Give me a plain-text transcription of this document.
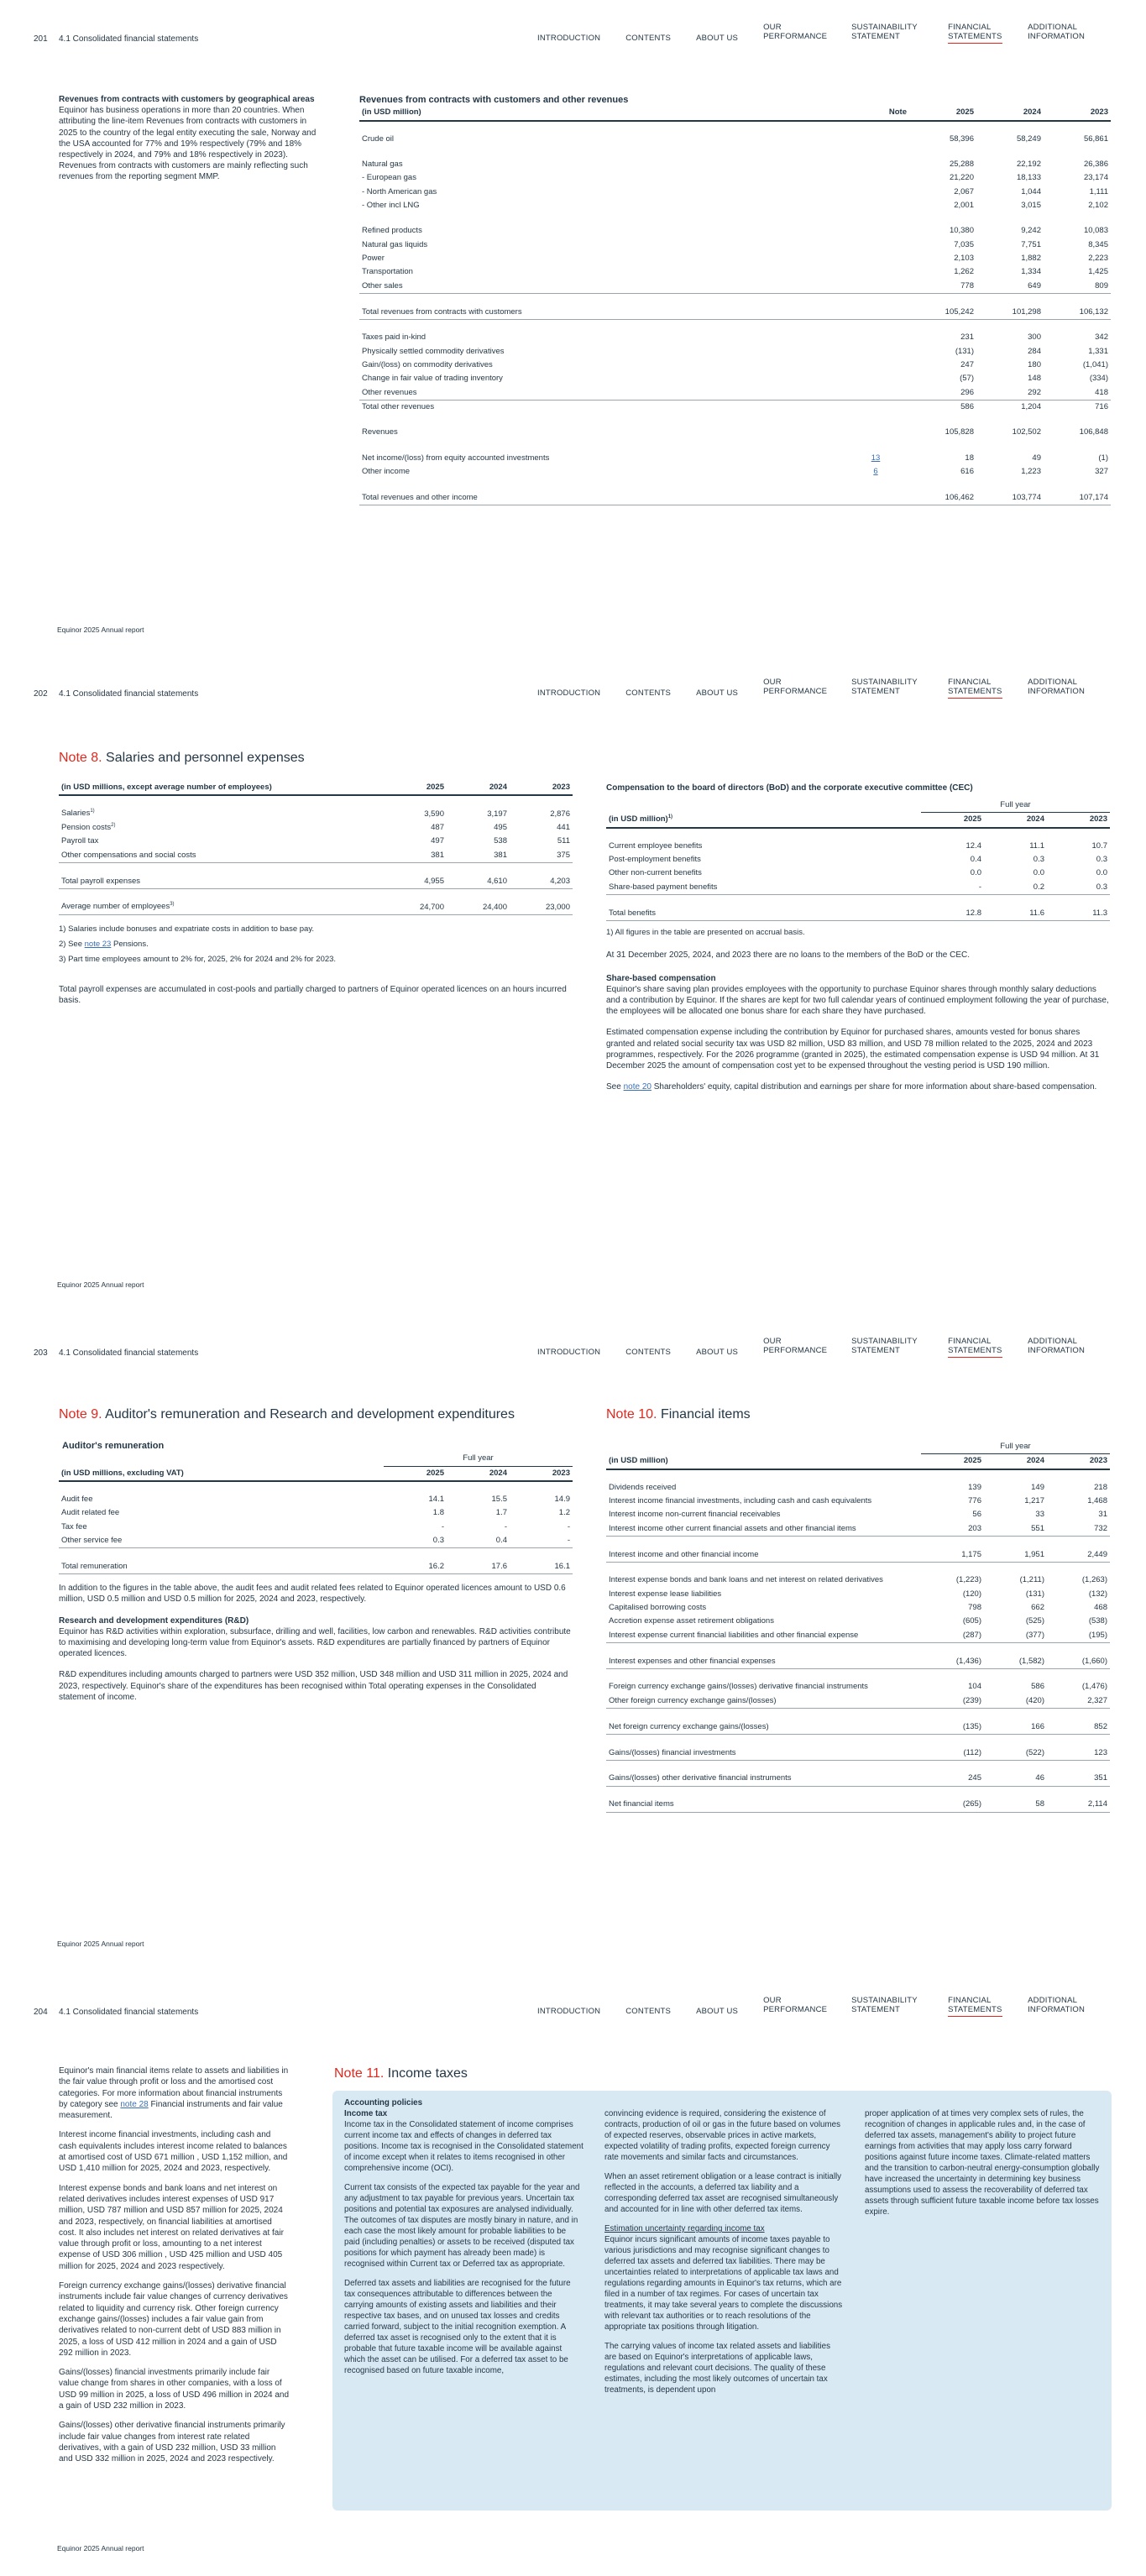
201 4.1 Consolidated financial statements	INTRODUCTION	CONTENTS	ABOUT US
OUR PERFORMANCE
SUSTAINABILITY STATEMENT
FINANCIAL STATEMENTS
ADDITIONAL INFORMATION
Revenues from contracts with customers by geographical areas
Equinor has business operations in more than 20 countries. When attributing the line-item Revenues from contracts with customers in 2025 to the country of the legal entity executing the sale, Norway and the USA accounted for 77% and 19% respectively (79% and 18% respectively in 2024, and 79% and 18% respectively in 2023). Revenues from contracts with customers are mainly reflecting such revenues from the reporting segment MMP.
Revenues from contracts with customers and other revenues
(in USD million)	Note	2025	2024	2023

Crude oil		58,396	58,249	56,861

Natural gas		25,288	22,192	26,386
- European gas		21,220	18,133	23,174
- North American gas		2,067	1,044	1,111
- Other incl LNG		2,001	3,015	2,102

Refined products		10,380	9,242	10,083
Natural gas liquids		7,035	7,751	8,345
Power		2,103	1,882	2,223
Transportation		1,262	1,334	1,425
Other sales		778	649	809

Total revenues from contracts with customers		105,242	101,298	106,132

Taxes paid in-kind		231	300	342
Physically settled commodity derivatives		(131)	284	1,331
Gain/(loss) on commodity derivatives		247	180	(1,041)
Change in fair value of trading inventory		(57)	148	(334)
Other revenues		296	292	418
Total other revenues		586	1,204	716

Revenues		105,828	102,502	106,848

Net income/(loss) from equity accounted investments	13	18	49	(1)
Other income	6	616	1,223	327

Total revenues and other income		106,462	103,774	107,174
Equinor 2025 Annual report
202 4.1 Consolidated financial statements	INTRODUCTION	CONTENTS	ABOUT US
OUR PERFORMANCE
SUSTAINABILITY STATEMENT
FINANCIAL STATEMENTS
ADDITIONAL INFORMATION
Note 8. Salaries and personnel expenses
(in USD millions, except average number of employees)	2025	2024	2023

Salaries$^{1)}$	3,590	3,197	2,876
Pension costs$^{2)}$	487	495	441
Payroll tax	497	538	511
Other compensations and social costs	381	381	375

Total payroll expenses	4,955	4,610	4,203

Average number of employees$^{3)}$	24,700	24,400	23,000
1) Salaries include bonuses and expatriate costs in addition to base pay.
2) See note 23 Pensions.
3) Part time employees amount to 2% for, 2025, 2% for 2024 and 2% for 2023.
Total payroll expenses are accumulated in cost-pools and partially charged to partners of Equinor operated licences on an hours incurred basis.
Compensation to the board of directors (BoD) and the corporate executive committee (CEC)
	Full year		
(in USD million)$^{1)}$	2025	2024	2023

Current employee benefits	12.4	11.1	10.7
Post-employment benefits	0.4	0.3	0.3
Other non-current benefits	0.0	0.0	0.0
Share-based payment benefits	-	0.2	0.3

Total benefits	12.8	11.6	11.3
1) All figures in the table are presented on accrual basis.
At 31 December 2025, 2024, and 2023 there are no loans to the members of the BoD or the CEC.
Share-based compensation
Equinor's share saving plan provides employees with the opportunity to purchase Equinor shares through monthly salary deductions and a contribution by Equinor. If the shares are kept for two full calendar years of continued employment following the year of purchase, the employees will be allocated one bonus share for each share they have purchased.
Estimated compensation expense including the contribution by Equinor for purchased shares, amounts vested for bonus shares granted and related social security tax was USD 82 million, USD 83 million, and USD 78 million related to the 2025, 2024 and 2023 programmes, respectively. For the 2026 programme (granted in 2025), the estimated compensation expense is USD 94 million. At 31 December 2025 the amount of compensation cost yet to be expensed throughout the vesting period is USD 190 million.
See note 20 Shareholders' equity, capital distribution and earnings per share for more information about share-based compensation.
Equinor 2025 Annual report
203 4.1 Consolidated financial statements	INTRODUCTION	CONTENTS	ABOUT US
OUR PERFORMANCE
SUSTAINABILITY STATEMENT
FINANCIAL STATEMENTS
ADDITIONAL INFORMATION
Note 9. Auditor's remuneration and Research and development expenditures
Auditor's remuneration
	Full year		
(in USD millions, excluding VAT)	2025	2024	2023

Audit fee	14.1	15.5	14.9
Audit related fee	1.8	1.7	1.2
Tax fee	-	-	-
Other service fee	0.3	0.4	-

Total remuneration	16.2	17.6	16.1
In addition to the figures in the table above, the audit fees and audit related fees related to Equinor operated licences amount to USD 0.6 million, USD 0.5 million and USD 0.5 million for 2025, 2024 and 2023, respectively.
Research and development expenditures (R&D)
Equinor has R&D activities within exploration, subsurface, drilling and well, facilities, low carbon and renewables. R&D activities contribute to maximising and developing long-term value from Equinor's assets. R&D expenditures are partially financed by partners of Equinor operated licences.
R&D expenditures including amounts charged to partners were USD 352 million, USD 348 million and USD 311 million in 2025, 2024 and 2023, respectively. Equinor's share of the expenditures has been recognised within Total operating expenses in the Consolidated statement of income.
Note 10. Financial items
	Full year		
(in USD million)	2025	2024	2023

Dividends received	139	149	218
Interest income financial investments, including cash and cash equivalents	776	1,217	1,468
Interest income non-current financial receivables	56	33	31
Interest income other current financial assets and other financial items	203	551	732

Interest income and other financial income	1,175	1,951	2,449

Interest expense bonds and bank loans and net interest on related derivatives	(1,223)	(1,211)	(1,263)
Interest expense lease liabilities	(120)	(131)	(132)
Capitalised borrowing costs	798	662	468
Accretion expense asset retirement obligations	(605)	(525)	(538)
Interest expense current financial liabilities and other financial expense	(287)	(377)	(195)

Interest expenses and other financial expenses	(1,436)	(1,582)	(1,660)

Foreign currency exchange gains/(losses) derivative financial instruments	104	586	(1,476)
Other foreign currency exchange gains/(losses)	(239)	(420)	2,327

Net foreign currency exchange gains/(losses)	(135)	166	852

Gains/(losses) financial investments	(112)	(522)	123

Gains/(losses) other derivative financial instruments	245	46	351

Net financial items	(265)	58	2,114
Equinor 2025 Annual report
204 4.1 Consolidated financial statements	INTRODUCTION	CONTENTS	ABOUT US
OUR PERFORMANCE
SUSTAINABILITY STATEMENT
FINANCIAL STATEMENTS
ADDITIONAL INFORMATION

Equinor's main financial items relate to assets and liabilities in the fair value through profit or loss and the amortised cost categories. For more information about financial instruments by category see note 28 Financial instruments and fair value measurement.

Interest income financial investments, including cash and cash equivalents includes interest income related to balances at amortised cost of USD 671 million , USD 1,152 million, and USD 1,410 million for 2025, 2024 and 2023, respectively.

Interest expense bonds and bank loans and net interest on related derivatives includes interest expenses of USD 917 million, USD 787 million and USD 857 million for 2025, 2024 and 2023, respectively, on financial liabilities at amortised cost. It also includes net interest on related derivatives at fair value through profit or loss, amounting to a net interest expense of USD 306 million , USD 425 million and USD 405 million for 2025, 2024 and 2023 respectively.

Foreign currency exchange gains/(losses) derivative financial instruments include fair value changes of currency derivatives related to liquidity and currency risk. Other foreign currency exchange gains/(losses) includes a fair value gain from derivatives related to non-current debt of USD 883 million in 2025, a loss of USD 412 million in 2024 and a gain of USD 292 million in 2023.

Gains/(losses) financial investments primarily include fair value change from shares in other companies, with a loss of USD 99 million in 2025, a loss of USD 496 million in 2024 and a gain of USD 232 million in 2023.

Gains/(losses) other derivative financial instruments primarily include fair value changes from interest rate related derivatives, with a gain of USD 232 million, USD 33 million and USD 332 million in 2025, 2024 and 2023 respectively.

Note 11. Income taxes
Accounting policies
Income tax

Income tax in the Consolidated statement of income comprises current income tax and effects of changes in deferred tax positions. Income tax is recognised in the Consolidated statement of income except when it relates to items recognised in other comprehensive income (OCI).

Current tax consists of the expected tax payable for the year and any adjustment to tax payable for previous years. Uncertain tax positions and potential tax exposures are analysed individually. The outcomes of tax disputes are mostly binary in nature, and in each case the most likely amount for probable liabilities to be paid (including penalties) or assets to be received (disputed tax positions for which payment has already been made) is recognised within Current tax or Deferred tax as appropriate.

Deferred tax assets and liabilities are recognised for the future tax consequences attributable to differences between the carrying amounts of existing assets and liabilities and their respective tax bases, and on unused tax losses and credits carried forward, subject to the initial recognition exemption. A deferred tax asset is recognised only to the extent that it is probable that future taxable income will be available against which the asset can be utilised. For a deferred tax asset to be recognised based on future taxable income,

convincing evidence is required, considering the existence of contracts, production of oil or gas in the future based on volumes of expected reserves, observable prices in active markets, expected volatility of trading profits, expected foreign currency rate movements and similar facts and circumstances.

When an asset retirement obligation or a lease contract is initially reflected in the accounts, a deferred tax liability and a corresponding deferred tax asset are recognised simultaneously and accounted for in line with other deferred tax items.

Estimation uncertainty regarding income tax

Equinor incurs significant amounts of income taxes payable to various jurisdictions and may recognise significant changes to deferred tax assets and deferred tax liabilities. There may be uncertainties related to interpretations of applicable tax laws and regulations regarding amounts in Equinor's tax returns, which are filed in a number of tax regimes. For cases of uncertain tax treatments, it may take several years to complete the discussions with relevant tax authorities or to reach resolutions of the appropriate tax positions through litigation.

The carrying values of income tax related assets and liabilities are based on Equinor's interpretations of applicable laws, regulations and relevant court decisions. The quality of these estimates, including the most likely outcomes of uncertain tax treatments, is dependent upon

proper application of at times very complex sets of rules, the recognition of changes in applicable rules and, in the case of deferred tax assets, management's ability to project future earnings from activities that may apply loss carry forward positions against future income taxes. Climate-related matters and the transition to carbon-neutral energy-consumption globally have increased the uncertainty in determining key business assumptions used to assess the recoverability of deferred tax assets through sufficient future taxable income before tax losses expire.

Equinor 2025 Annual report
